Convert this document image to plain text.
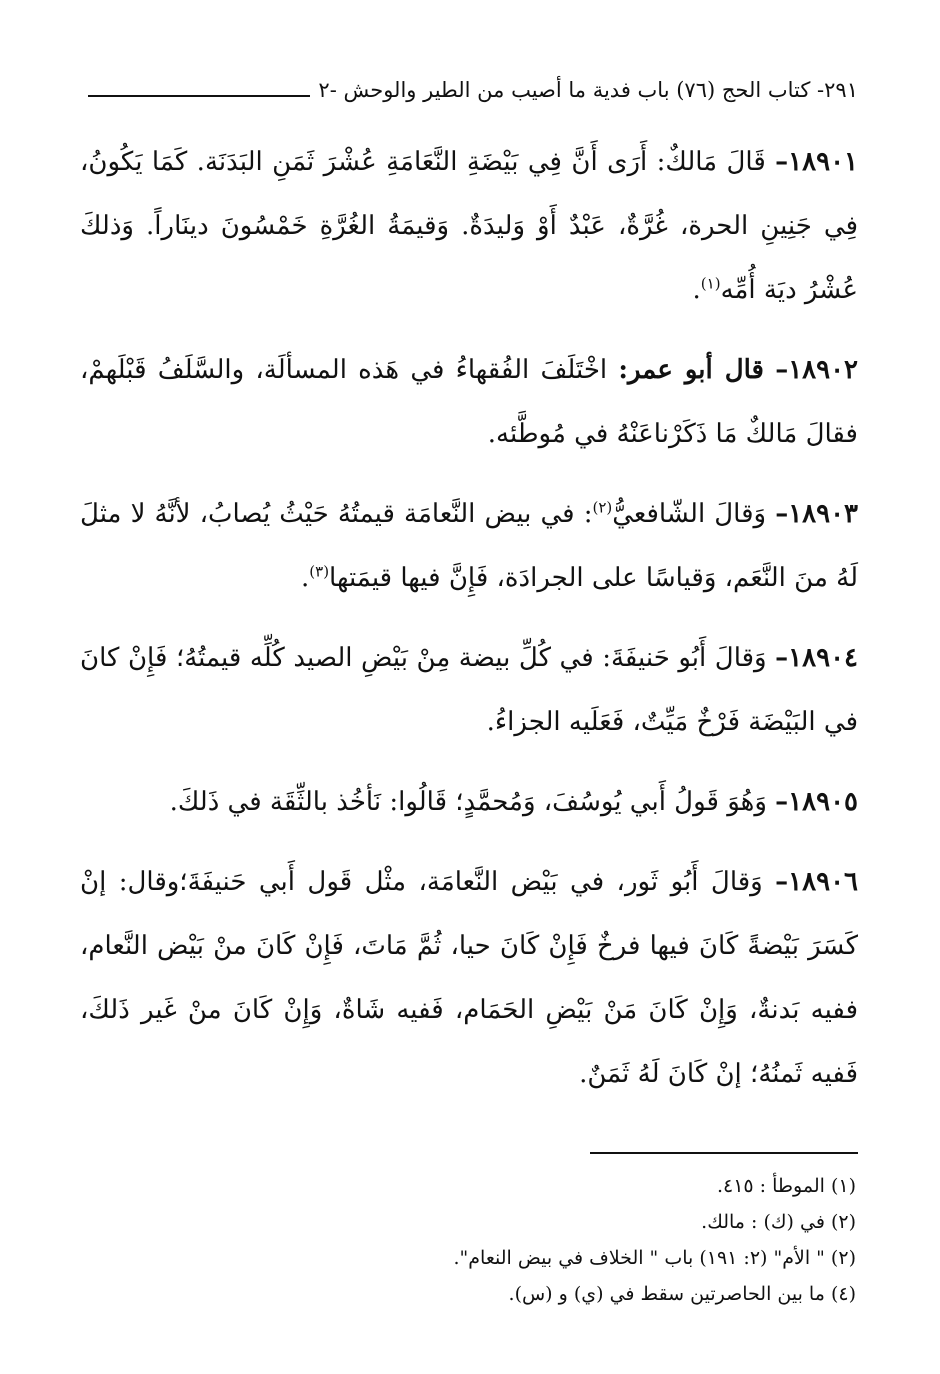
٢٩١- كتاب الحج (٧٦) باب فدية ما أصيب من الطير والوحش -٢

١٨٩٠١– قَالَ مَالكٌ: أَرَى أَنَّ فِي بَيْضَةِ النَّعَامَةِ عُشْرَ ثَمَنِ البَدَنَة. كَمَا يَكُونُ، فِي جَنِينِ الحرة، غُرَّةٌ، عَبْدٌ أَوْ وَليدَةٌ. وَقيمَةُ الغُرَّةِ خَمْسُونَ دينَاراً. وَذلكَ عُشْرُ ديَة أُمِّه$^{(١)}$.

١٨٩٠٢– قال أبو عمر: اخْتَلَفَ الفُقهاءُ في هَذه المسألَة، والسَّلَفُ قَبْلَهمْ، فقالَ مَالكٌ مَا ذَكَرْناعَنْهُ في مُوطَّئه.

١٨٩٠٣– وَقالَ الشّافعيُّ$^{(٢)}$: في بيض النَّعامَة قيمتُهُ حَيْثُ يُصابُ، لأنَّهُ لا مثلَ لَهُ منَ النَّعَم، وَقياسًا على الجرادَة، فَإِنَّ فيها قيمَتها$^{(٣)}$.

١٨٩٠٤– وَقالَ أَبُو حَنيفَةَ: في كُلِّ بيضة مِنْ بَيْضِ الصيد كُلِّه قيمتُهُ؛ فَإِنْ كانَ في البَيْضَة فَرْخٌ مَيِّتٌ، فَعَلَيه الجزاءُ.

١٨٩٠٥– وَهُوَ قَولُ أَبي يُوسُفَ، وَمُحمَّدٍ؛ قَالُوا: نَأخُذ بالثِّقَة في ذَلكَ.

١٨٩٠٦– وَقالَ أَبُو ثَور، في بَيْض النَّعامَة، مثْل قَول أَبي حَنيفَةَ؛وقال: إنْ كَسَرَ بَيْضةً كَانَ فيها فرخٌ فَإِنْ كَانَ حيا، ثُمَّ مَاتَ، فَإِنْ كَانَ منْ بَيْض النَّعام، ففيه بَدنةٌ، وَإِنْ كَانَ مَنْ بَيْضِ الحَمَام، فَفيه شَاةٌ، وَإِنْ كَانَ منْ غَير ذَلكَ، فَفيه ثَمنُهُ؛ إنْ كَانَ لَهُ ثَمَنٌ.

(١) الموطأ : ٤١٥.
(٢) في (ك) : مالك.
(٢) " الأم" (٢: ١٩١) باب " الخلاف في بيض النعام".
(٤) ما بين الحاصرتين سقط في (ي) و (س).
